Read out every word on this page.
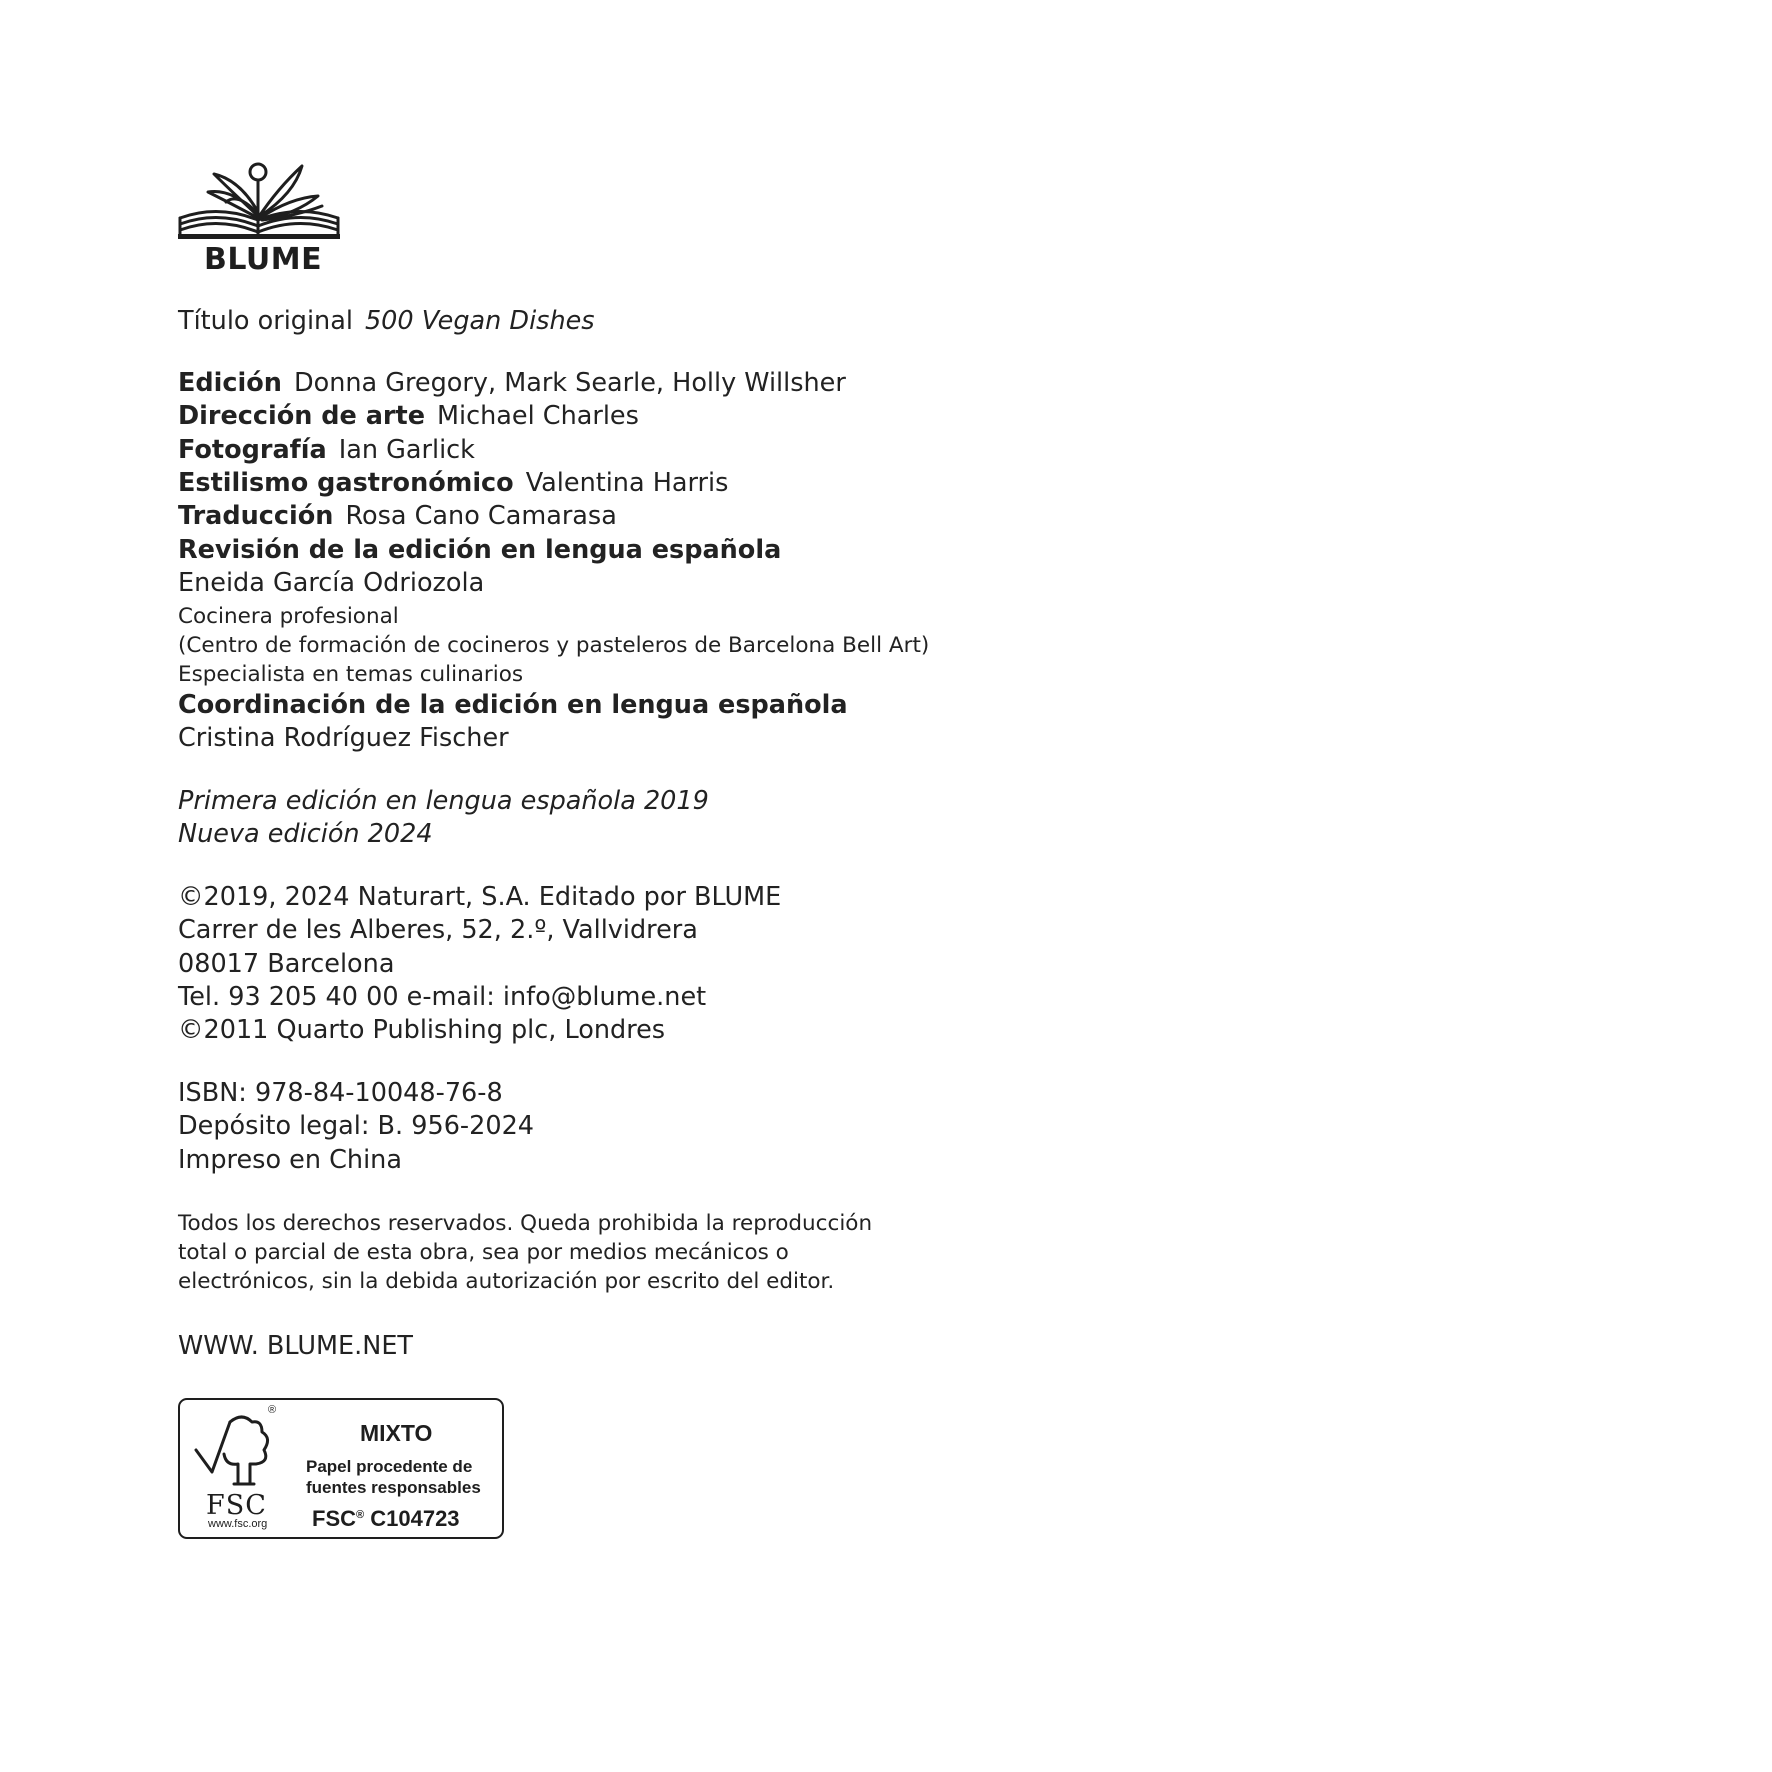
BLUME
Título original 500 Vegan Dishes
Edición Donna Gregory, Mark Searle, Holly Willsher
Dirección de arte Michael Charles
Fotografía Ian Garlick
Estilismo gastronómico Valentina Harris
Traducción Rosa Cano Camarasa
Revisión de la edición en lengua española
Eneida García Odriozola
Cocinera profesional
(Centro de formación de cocineros y pasteleros de Barcelona Bell Art)
Especialista en temas culinarios
Coordinación de la edición en lengua española
Cristina Rodríguez Fischer
Primera edición en lengua española 2019
Nueva edición 2024
©2019, 2024 Naturart, S.A. Editado por BLUME
Carrer de les Alberes, 52, 2.º, Vallvidrera
08017 Barcelona
Tel. 93 205 40 00 e-mail: info@blume.net
©2011 Quarto Publishing plc, Londres
ISBN: 978-84-10048-76-8
Depósito legal: B. 956-2024
Impreso en China
Todos los derechos reservados. Queda prohibida la reproducción
total o parcial de esta obra, sea por medios mecánicos o
electrónicos, sin la debida autorización por escrito del editor.
WWW. BLUME.NET
®
FSC
www.fsc.org
MIXTO
Papel procedente de
fuentes responsables
FSC® C104723
